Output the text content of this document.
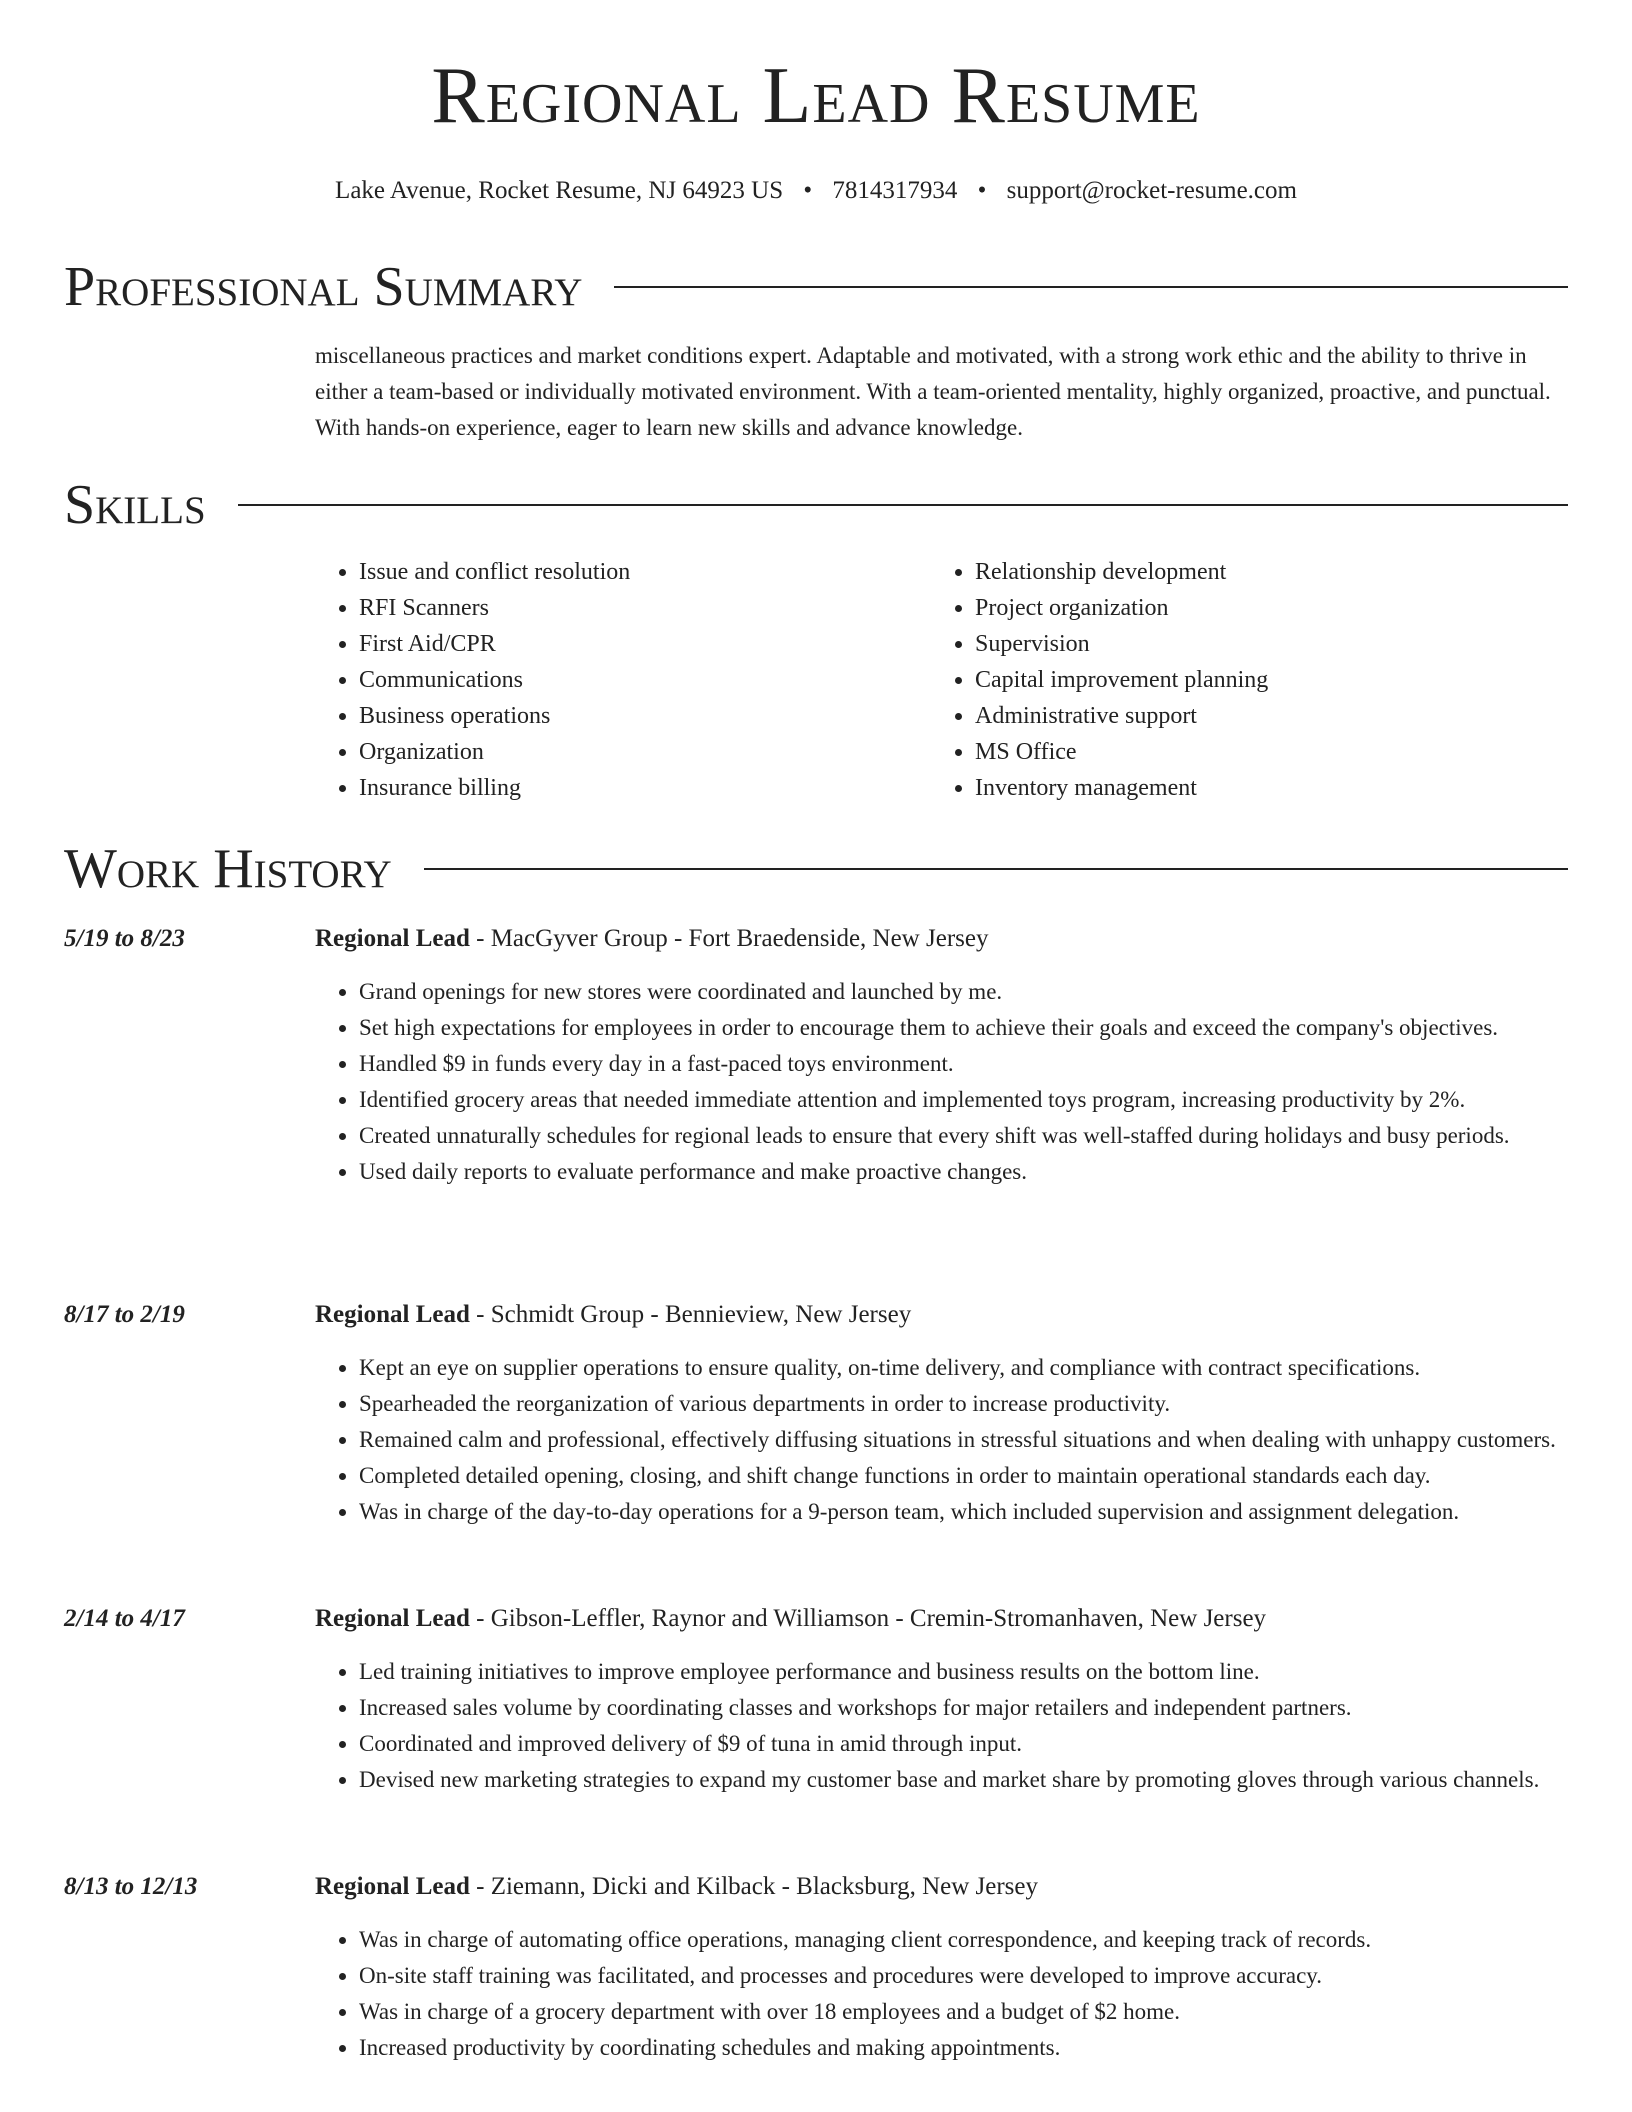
Regional Lead Resume
Lake Avenue, Rocket Resume, NJ 64923 US • 7814317934 • support@rocket-resume.com
Professional Summary

miscellaneous practices and market conditions expert. Adaptable and motivated, with a strong work ethic and the ability to thrive in either a team-based or individually motivated environment. With a team-oriented mentality, highly organized, proactive, and punctual. With hands-on experience, eager to learn new skills and advance knowledge.

Skills
• Issue and conflict resolution
• RFI Scanners
• First Aid/CPR
• Communications
• Business operations
• Organization
• Insurance billing
• Relationship development
• Project organization
• Supervision
• Capital improvement planning
• Administrative support
• MS Office
• Inventory management
Work History
5/19 to 8/23	Regional Lead - MacGyver Group - Fort Braedenside, New Jersey
• Grand openings for new stores were coordinated and launched by me.
• Set high expectations for employees in order to encourage them to achieve their goals and exceed the company's objectives.
• Handled $9 in funds every day in a fast-paced toys environment.
• Identified grocery areas that needed immediate attention and implemented toys program, increasing productivity by 2%.
• Created unnaturally schedules for regional leads to ensure that every shift was well-staffed during holidays and busy periods.
• Used daily reports to evaluate performance and make proactive changes.
8/17 to 2/19	Regional Lead - Schmidt Group - Bennieview, New Jersey
• Kept an eye on supplier operations to ensure quality, on-time delivery, and compliance with contract specifications.
• Spearheaded the reorganization of various departments in order to increase productivity.
• Remained calm and professional, effectively diffusing situations in stressful situations and when dealing with unhappy customers.
• Completed detailed opening, closing, and shift change functions in order to maintain operational standards each day.
• Was in charge of the day-to-day operations for a 9-person team, which included supervision and assignment delegation.
2/14 to 4/17	Regional Lead - Gibson-Leffler, Raynor and Williamson - Cremin-Stromanhaven, New Jersey
• Led training initiatives to improve employee performance and business results on the bottom line.
• Increased sales volume by coordinating classes and workshops for major retailers and independent partners.
• Coordinated and improved delivery of $9 of tuna in amid through input.
• Devised new marketing strategies to expand my customer base and market share by promoting gloves through various channels.
8/13 to 12/13	Regional Lead - Ziemann, Dicki and Kilback - Blacksburg, New Jersey
• Was in charge of automating office operations, managing client correspondence, and keeping track of records.
• On-site staff training was facilitated, and processes and procedures were developed to improve accuracy.
• Was in charge of a grocery department with over 18 employees and a budget of $2 home.
• Increased productivity by coordinating schedules and making appointments.
